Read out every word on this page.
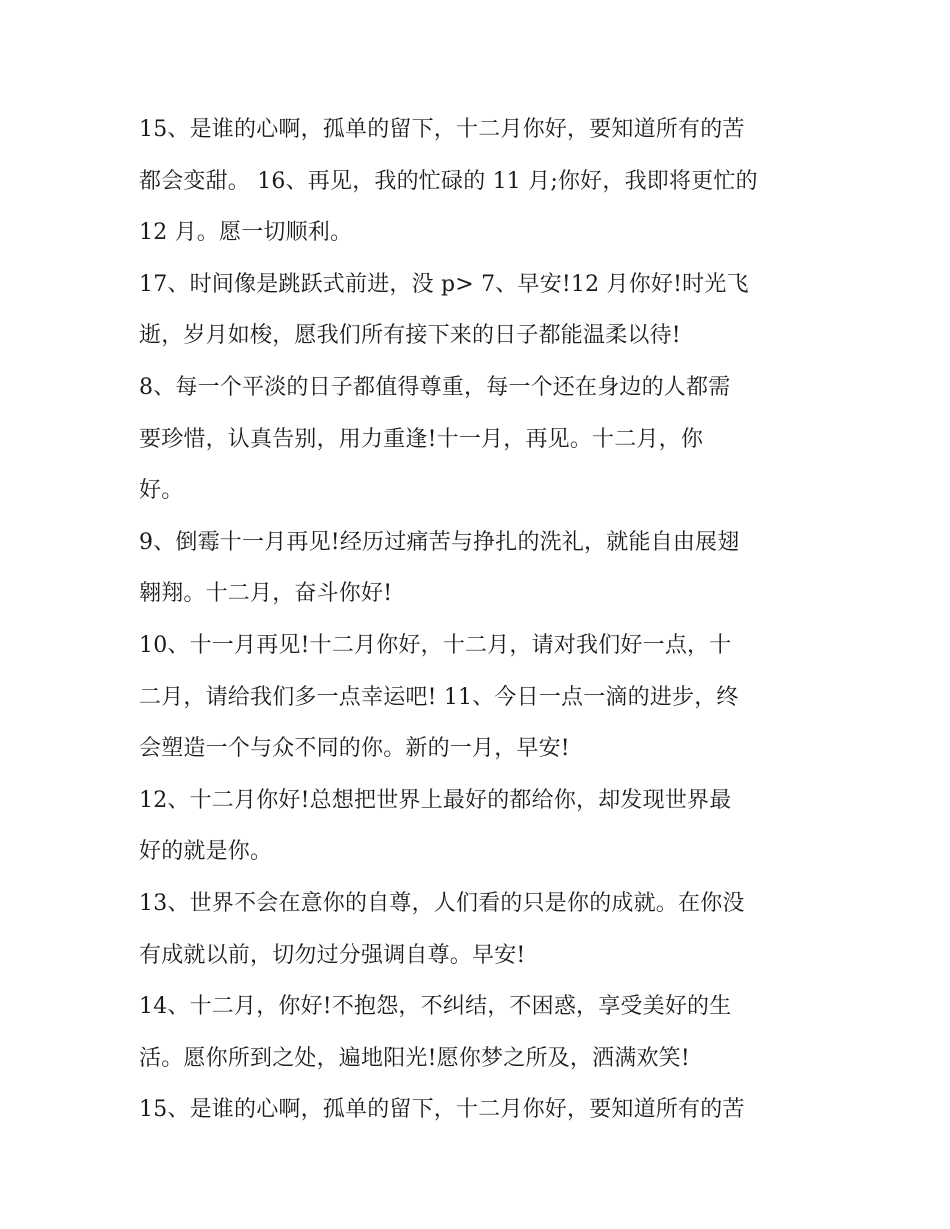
15、是谁的心啊，孤单的留下，十二月你好，要知道所有的苦
都会变甜。 16、再见，我的忙碌的 11 月;你好，我即将更忙的
12 月。愿一切顺利。
17、时间像是跳跃式前进，没 p> 7、早安!12 月你好!时光飞
逝，岁月如梭，愿我们所有接下来的日子都能温柔以待!
8、每一个平淡的日子都值得尊重，每一个还在身边的人都需
要珍惜，认真告别，用力重逢!十一月，再见。十二月，你
好。
9、倒霉十一月再见!经历过痛苦与挣扎的洗礼，就能自由展翅
翱翔。十二月，奋斗你好!
10、十一月再见!十二月你好，十二月，请对我们好一点，十
二月，请给我们多一点幸运吧! 11、今日一点一滴的进步，终
会塑造一个与众不同的你。新的一月，早安!
12、十二月你好!总想把世界上最好的都给你，却发现世界最
好的就是你。
13、世界不会在意你的自尊，人们看的只是你的成就。在你没
有成就以前，切勿过分强调自尊。早安!
14、十二月，你好!不抱怨，不纠结，不困惑，享受美好的生
活。愿你所到之处，遍地阳光!愿你梦之所及，洒满欢笑!
15、是谁的心啊，孤单的留下，十二月你好，要知道所有的苦
